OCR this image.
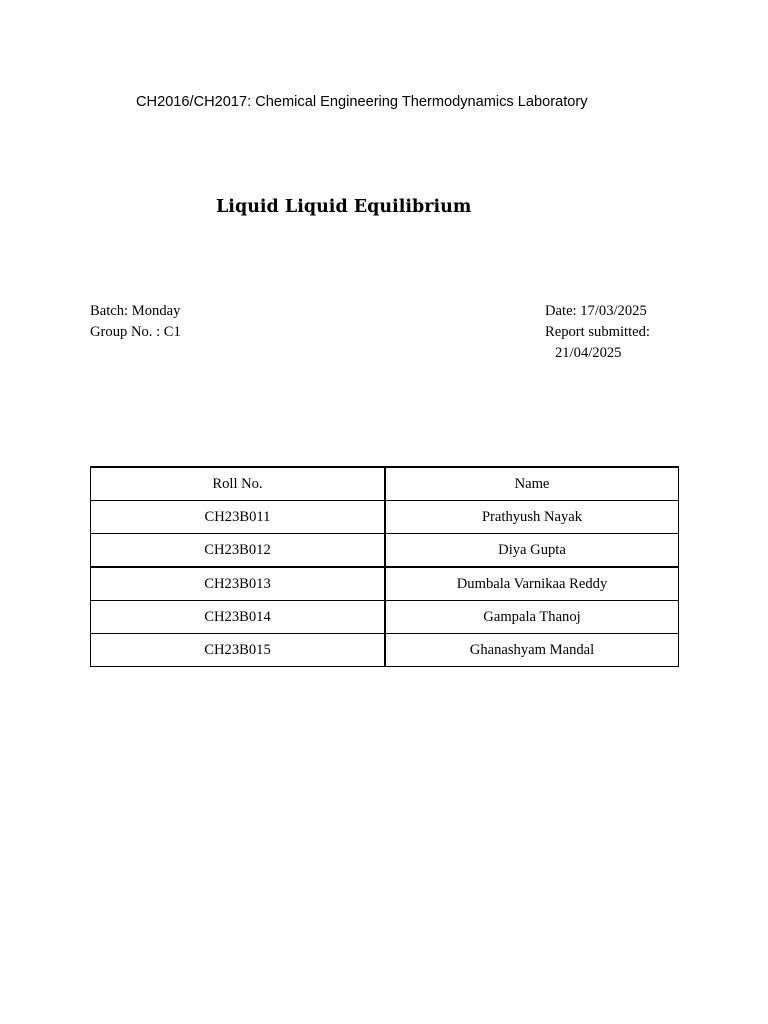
CH2016/CH2017: Chemical Engineering Thermodynamics Laboratory
Liquid Liquid Equilibrium
Batch: Monday
Group No. : C1
Date: 17/03/2025
Report submitted:
21/04/2025
Roll No.	Name
CH23B011	Prathyush Nayak
CH23B012	Diya Gupta
CH23B013	Dumbala Varnikaa Reddy
CH23B014	Gampala Thanoj
CH23B015	Ghanashyam Mandal
